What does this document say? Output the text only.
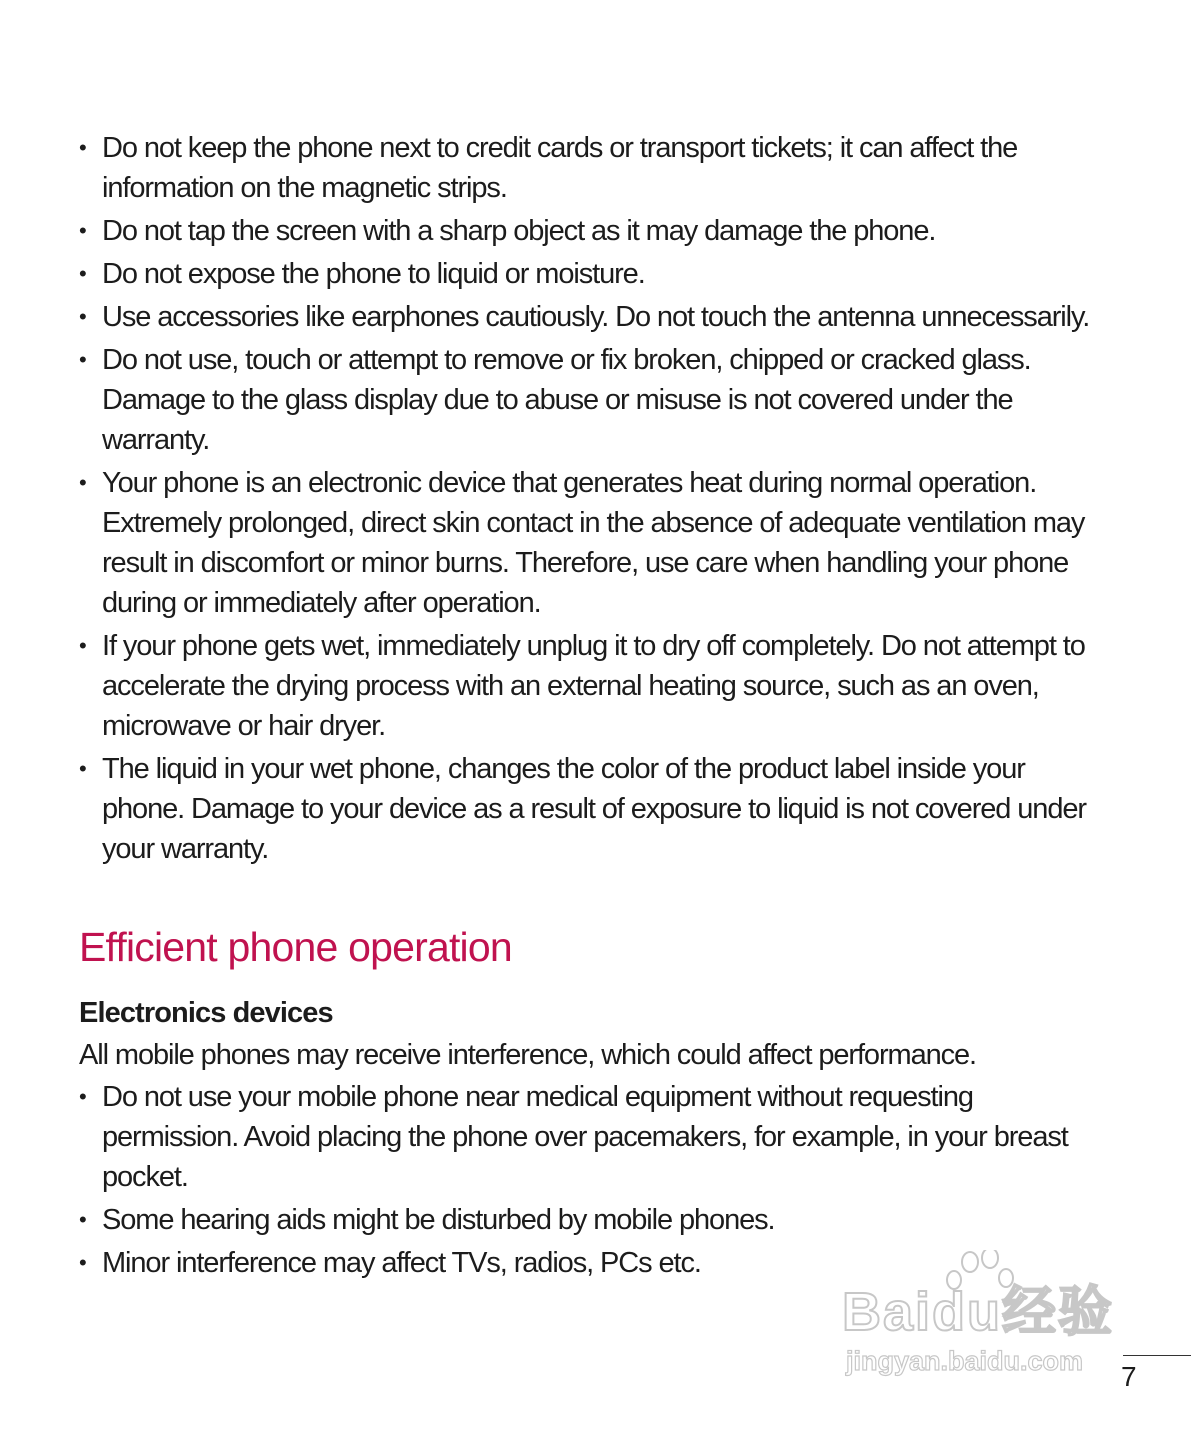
• Do not keep the phone next to credit cards or transport tickets; it can affect the information on the magnetic strips.
• Do not tap the screen with a sharp object as it may damage the phone.
• Do not expose the phone to liquid or moisture.
• Use accessories like earphones cautiously. Do not touch the antenna unnecessarily.
• Do not use, touch or attempt to remove or fix broken, chipped or cracked glass. Damage to the glass display due to abuse or misuse is not covered under the warranty.
• Your phone is an electronic device that generates heat during normal operation. Extremely prolonged, direct skin contact in the absence of adequate ventilation may result in discomfort or minor burns. Therefore, use care when handling your phone during or immediately after operation.
• If your phone gets wet, immediately unplug it to dry off completely. Do not attempt to accelerate the drying process with an external heating source, such as an oven, microwave or hair dryer.
• The liquid in your wet phone, changes the color of the product label inside your phone. Damage to your device as a result of exposure to liquid is not covered under your warranty.
Efficient phone operation
Electronics devices

All mobile phones may receive interference, which could affect performance.

• Do not use your mobile phone near medical equipment without requesting permission. Avoid placing the phone over pacemakers, for example, in your breast pocket.
• Some hearing aids might be disturbed by mobile phones.
• Minor interference may affect TVs, radios, PCs etc.
Baidu经验
jingyan.baidu.com 7
